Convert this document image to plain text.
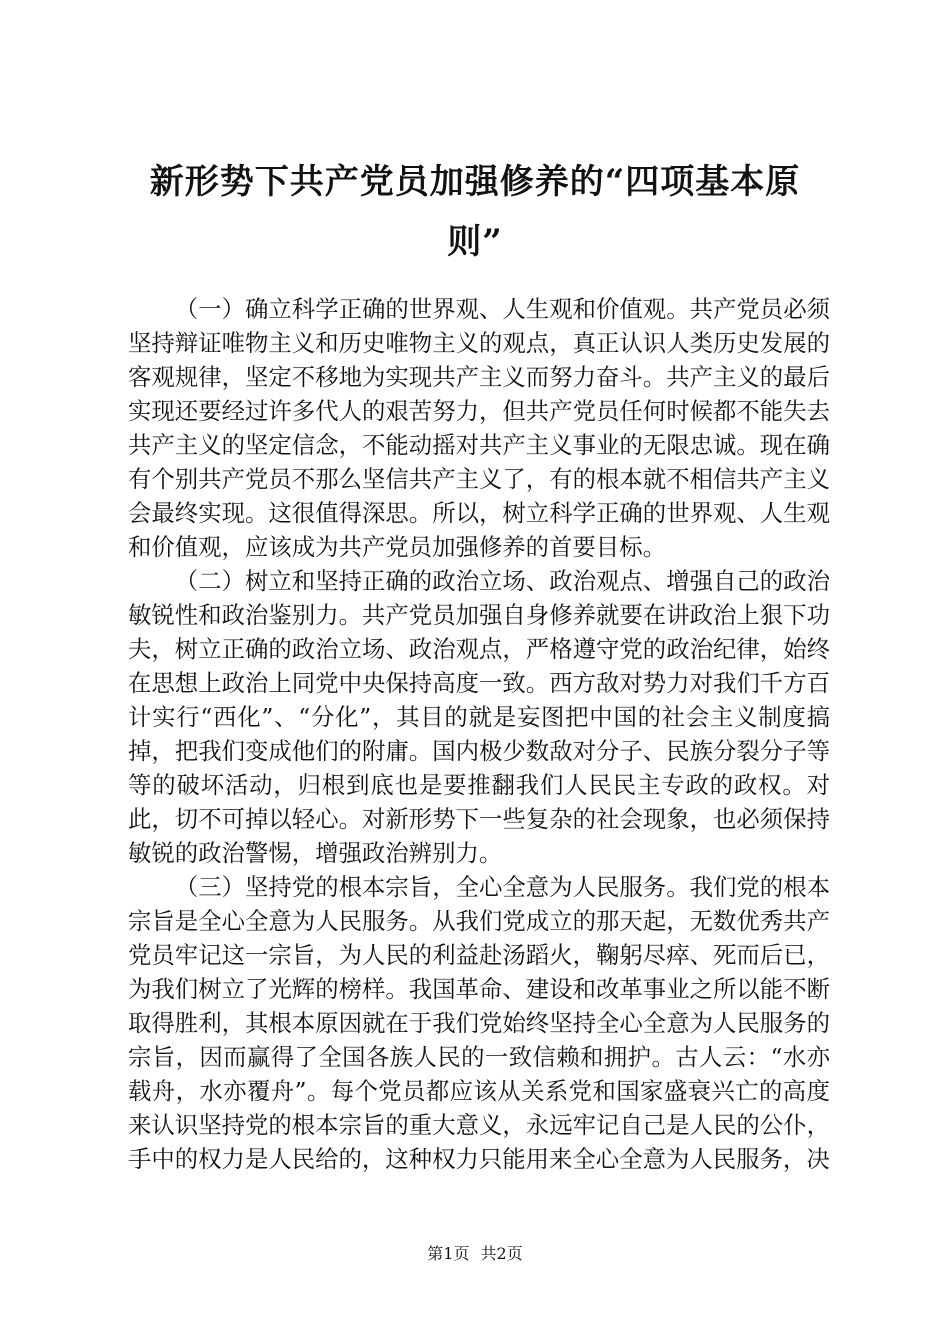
新形势下共产党员加强修养的“四项基本原则”

（一）确立科学正确的世界观、人生观和价值观。共产党员必须坚持辩证唯物主义和历史唯物主义的观点，真正认识人类历史发展的客观规律，坚定不移地为实现共产主义而努力奋斗。共产主义的最后实现还要经过许多代人的艰苦努力，但共产党员任何时候都不能失去共产主义的坚定信念，不能动摇对共产主义事业的无限忠诚。现在确有个别共产党员不那么坚信共产主义了，有的根本就不相信共产主义会最终实现。这很值得深思。所以，树立科学正确的世界观、人生观和价值观，应该成为共产党员加强修养的首要目标。

（二）树立和坚持正确的政治立场、政治观点、增强自己的政治敏锐性和政治鉴别力。共产党员加强自身修养就要在讲政治上狠下功夫，树立正确的政治立场、政治观点，严格遵守党的政治纪律，始终在思想上政治上同党中央保持高度一致。西方敌对势力对我们千方百计实行“西化”、“分化”，其目的就是妄图把中国的社会主义制度搞掉，把我们变成他们的附庸。国内极少数敌对分子、民族分裂分子等等的破坏活动，归根到底也是要推翻我们人民民主专政的政权。对此，切不可掉以轻心。对新形势下一些复杂的社会现象，也必须保持敏锐的政治警惕，增强政治辨别力。

（三）坚持党的根本宗旨，全心全意为人民服务。我们党的根本宗旨是全心全意为人民服务。从我们党成立的那天起，无数优秀共产党员牢记这一宗旨，为人民的利益赴汤蹈火，鞠躬尽瘁、死而后已，为我们树立了光辉的榜样。我国革命、建设和改革事业之所以能不断取得胜利，其根本原因就在于我们党始终坚持全心全意为人民服务的宗旨，因而赢得了全国各族人民的一致信赖和拥护。古人云：“水亦载舟，水亦覆舟”。每个党员都应该从关系党和国家盛衰兴亡的高度来认识坚持党的根本宗旨的重大意义，永远牢记自己是人民的公仆，手中的权力是人民给的，这种权力只能用来全心全意为人民服务，决

第1页 共2页
